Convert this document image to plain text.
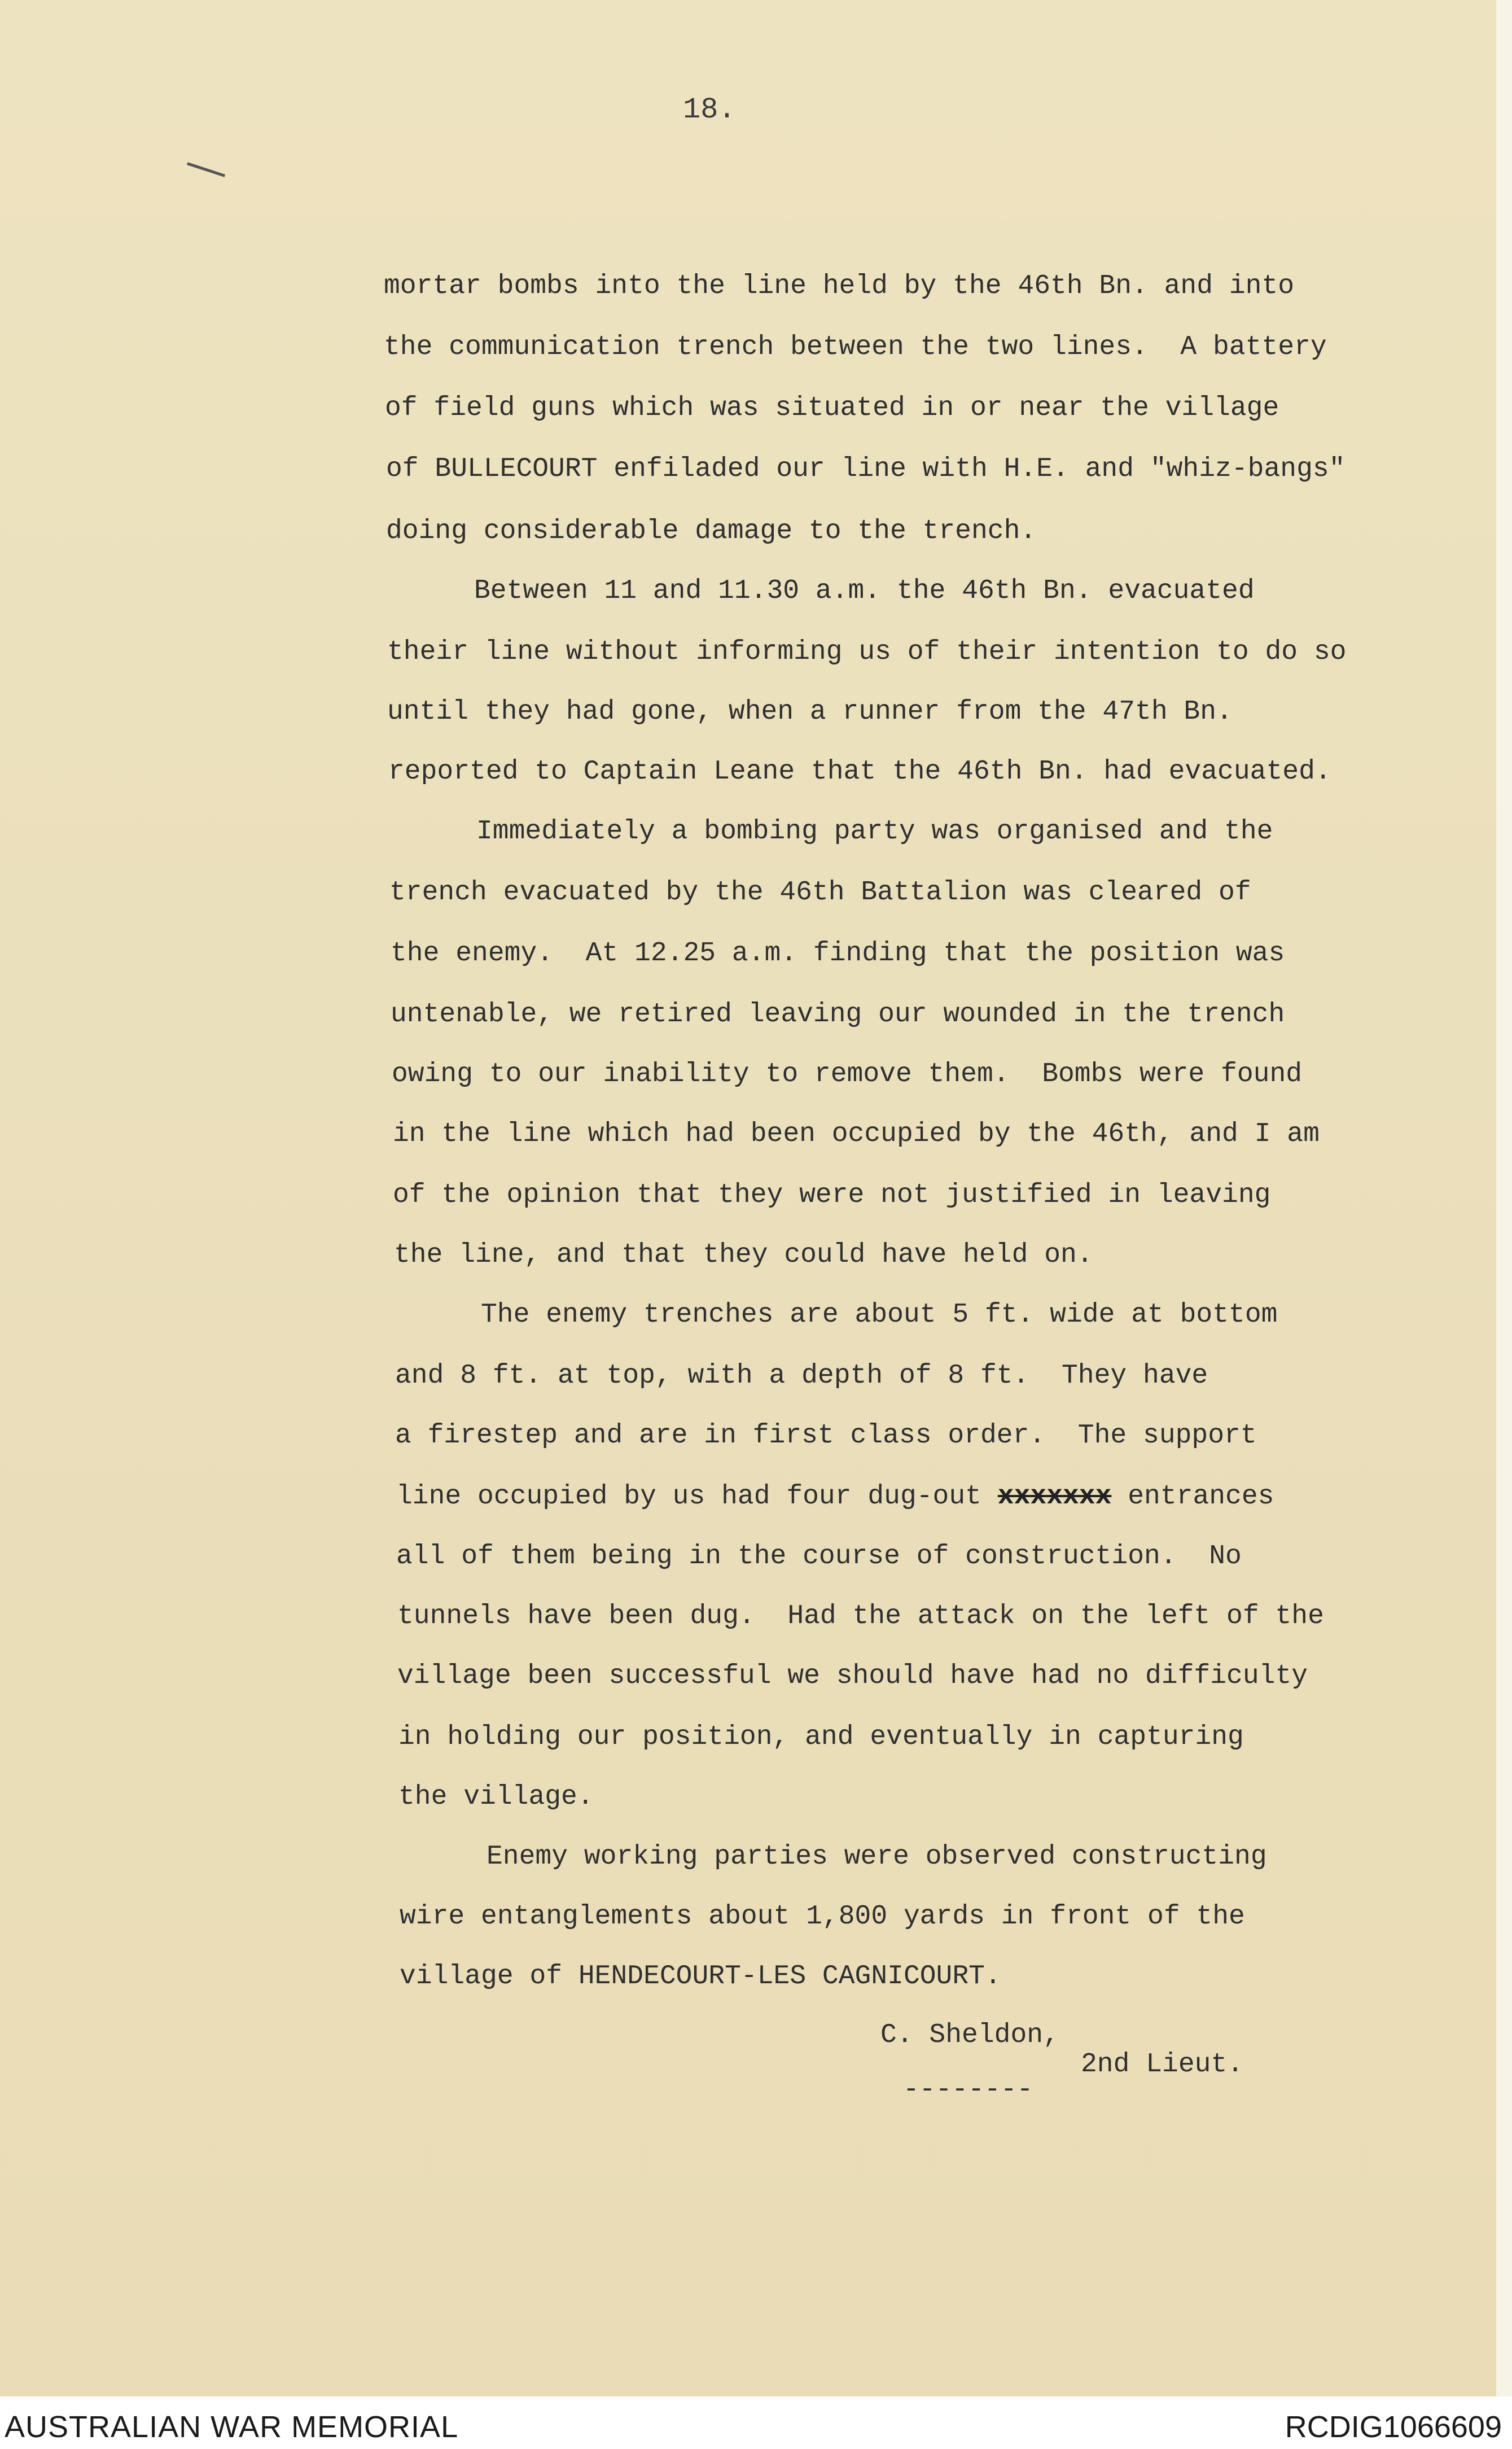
18.
mortar bombs into the line held by the 46th Bn. and into
the communication trench between the two lines.  A battery
of field guns which was situated in or near the village
of BULLECOURT enfiladed our line with H.E. and "whiz-bangs"
doing considerable damage to the trench.
Between 11 and 11.30 a.m. the 46th Bn. evacuated
their line without informing us of their intention to do so
until they had gone, when a runner from the 47th Bn.
reported to Captain Leane that the 46th Bn. had evacuated.
Immediately a bombing party was organised and the
trench evacuated by the 46th Battalion was cleared of
the enemy.  At 12.25 a.m. finding that the position was
untenable, we retired leaving our wounded in the trench
owing to our inability to remove them.  Bombs were found
in the line which had been occupied by the 46th, and I am
of the opinion that they were not justified in leaving
the line, and that they could have held on.
The enemy trenches are about 5 ft. wide at bottom
and 8 ft. at top, with a depth of 8 ft.  They have
a firestep and are in first class order.  The support
line occupied by us had four dug-out xxxxxxx entrances
all of them being in the course of construction.  No
tunnels have been dug.  Had the attack on the left of the
village been successful we should have had no difficulty
in holding our position, and eventually in capturing
the village.
Enemy working parties were observed constructing
wire entanglements about 1,800 yards in front of the
village of HENDECOURT-LES CAGNICOURT.
C. Sheldon,
--------
2nd Lieut.
AUSTRALIAN WAR MEMORIAL	RCDIG1066609
